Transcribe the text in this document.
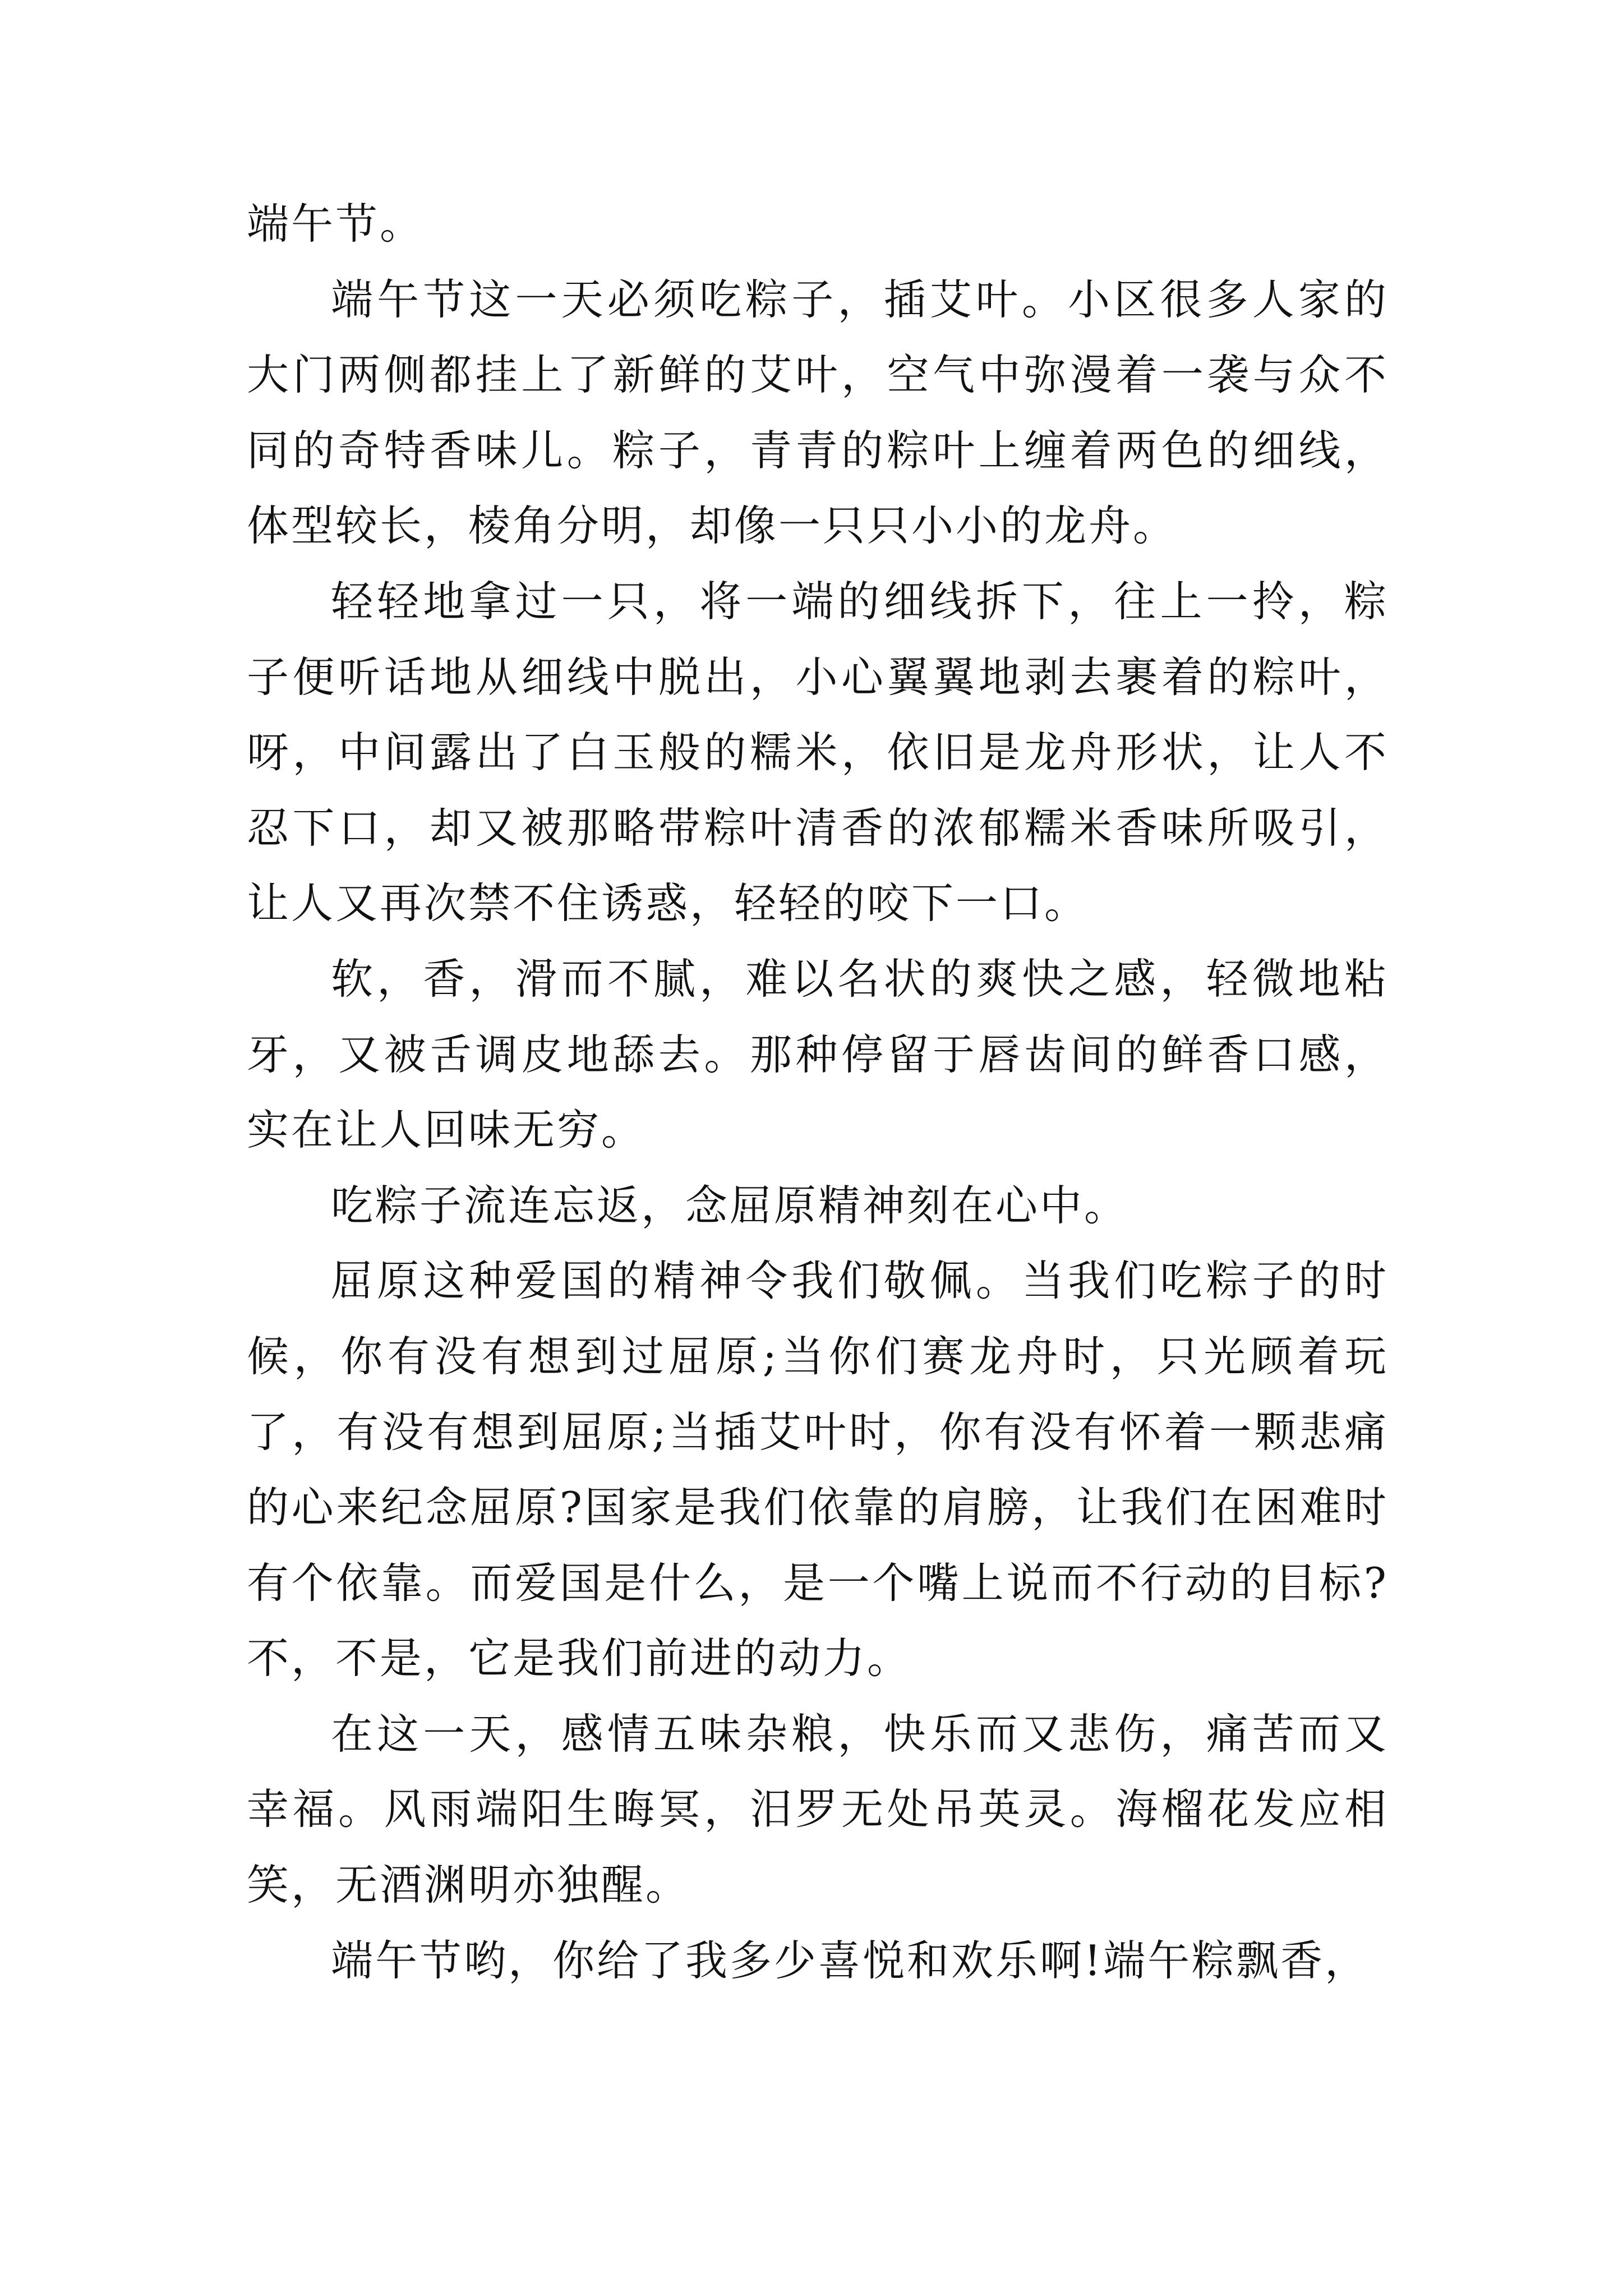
端午节。

端午节这一天必须吃粽子，插艾叶。小区很多人家的大门两侧都挂上了新鲜的艾叶，空气中弥漫着一袭与众不同的奇特香味儿。粽子，青青的粽叶上缠着两色的细线，体型较长，棱角分明，却像一只只小小的龙舟。

轻轻地拿过一只，将一端的细线拆下，往上一拎，粽子便听话地从细线中脱出，小心翼翼地剥去裹着的粽叶，呀，中间露出了白玉般的糯米，依旧是龙舟形状，让人不忍下口，却又被那略带粽叶清香的浓郁糯米香味所吸引，让人又再次禁不住诱惑，轻轻的咬下一口。

软，香，滑而不腻，难以名状的爽快之感，轻微地粘牙，又被舌调皮地舔去。那种停留于唇齿间的鲜香口感，实在让人回味无穷。

吃粽子流连忘返，念屈原精神刻在心中。

屈原这种爱国的精神令我们敬佩。当我们吃粽子的时候，你有没有想到过屈原;当你们赛龙舟时，只光顾着玩了，有没有想到屈原;当插艾叶时，你有没有怀着一颗悲痛的心来纪念屈原?国家是我们依靠的肩膀，让我们在困难时有个依靠。而爱国是什么，是一个嘴上说而不行动的目标?不，不是，它是我们前进的动力。

在这一天，感情五味杂粮，快乐而又悲伤，痛苦而又幸福。风雨端阳生晦冥，汨罗无处吊英灵。海榴花发应相笑，无酒渊明亦独醒。

端午节哟，你给了我多少喜悦和欢乐啊!端午粽飘香，
